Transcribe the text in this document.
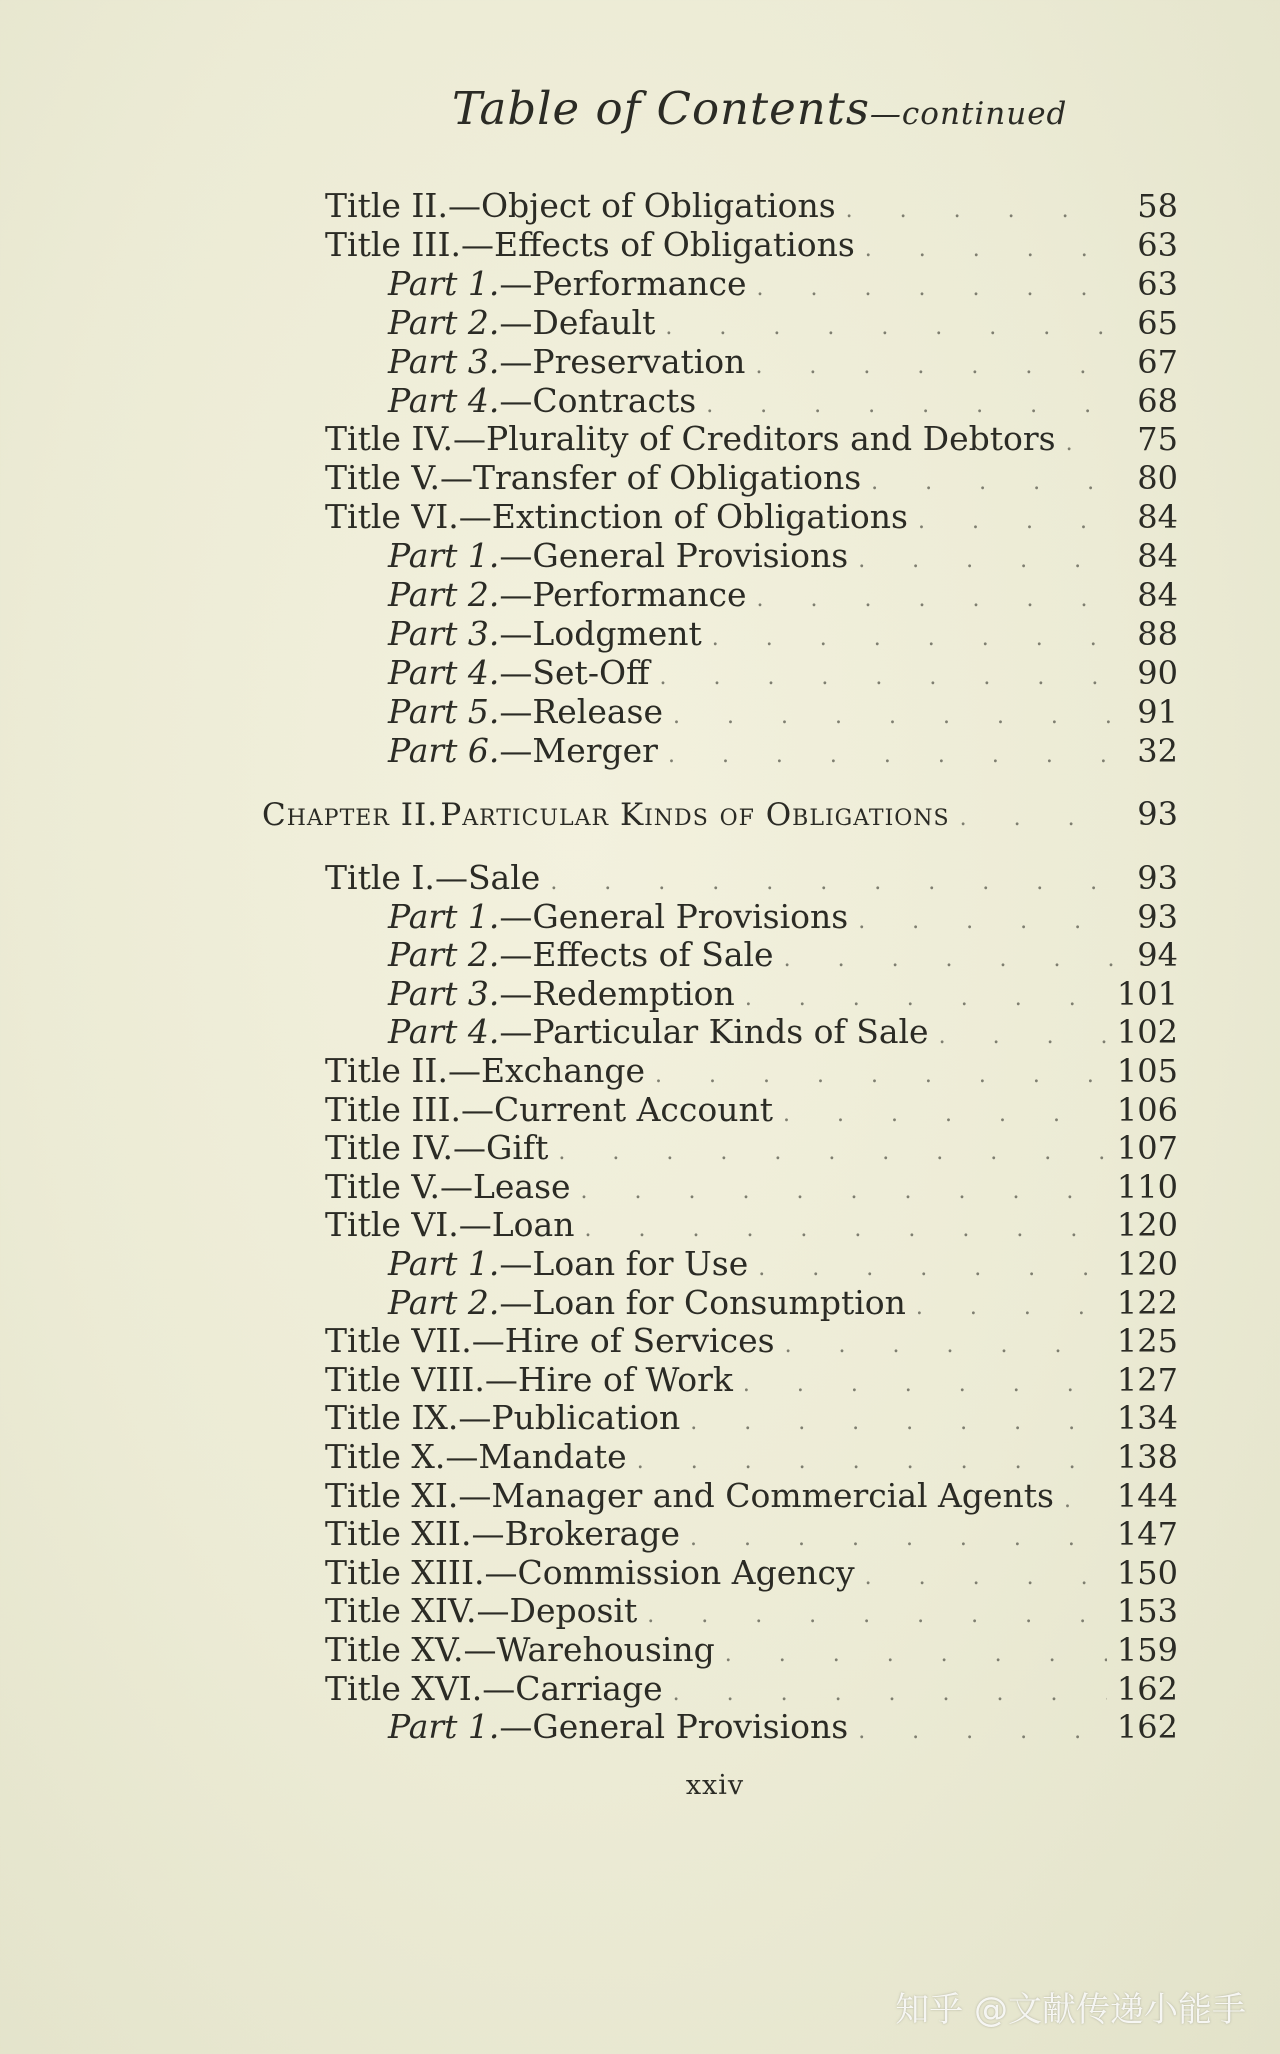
Table of Contents—continued
Title II.—Object of Obligations . . .	58
Title III.—Effects of Obligations . . .	63
Part 1.—Performance . . .	63
Part 2.—Default . . .	65
Part 3.—Preservation . . .	67
Part 4.—Contracts . . .	68
Title IV.—Plurality of Creditors and Debtors . . .	75
Title V.—Transfer of Obligations . . .	80
Title VI.—Extinction of Obligations . . .	84
Part 1.—General Provisions . . .	84
Part 2.—Performance . . .	84
Part 3.—Lodgment . . .	88
Part 4.—Set-Off . . .	90
Part 5.—Release . . .	91
Part 6.—Merger . . .	32
Chapter II. Particular Kinds of Obligations . . .	93
Title I.—Sale . . .	93
Part 1.—General Provisions . . .	93
Part 2.—Effects of Sale . . .	94
Part 3.—Redemption . . .	101
Part 4.—Particular Kinds of Sale . . .	102
Title II.—Exchange . . .	105
Title III.—Current Account . . .	106
Title IV.—Gift . . .	107
Title V.—Lease . . .	110
Title VI.—Loan . . .	120
Part 1.—Loan for Use . . .	120
Part 2.—Loan for Consumption . . .	122
Title VII.—Hire of Services . . .	125
Title VIII.—Hire of Work . . .	127
Title IX.—Publication . . .	134
Title X.—Mandate . . .	138
Title XI.—Manager and Commercial Agents . . . 144
Title XII.—Brokerage . . .	147
Title XIII.—Commission Agency . . .	150
Title XIV.—Deposit . . .	153
Title XV.—Warehousing . . .	159
Title XVI.—Carriage . . .	162
Part 1.—General Provisions . . .	162
xxiv
知乎 @文献传递小能手
